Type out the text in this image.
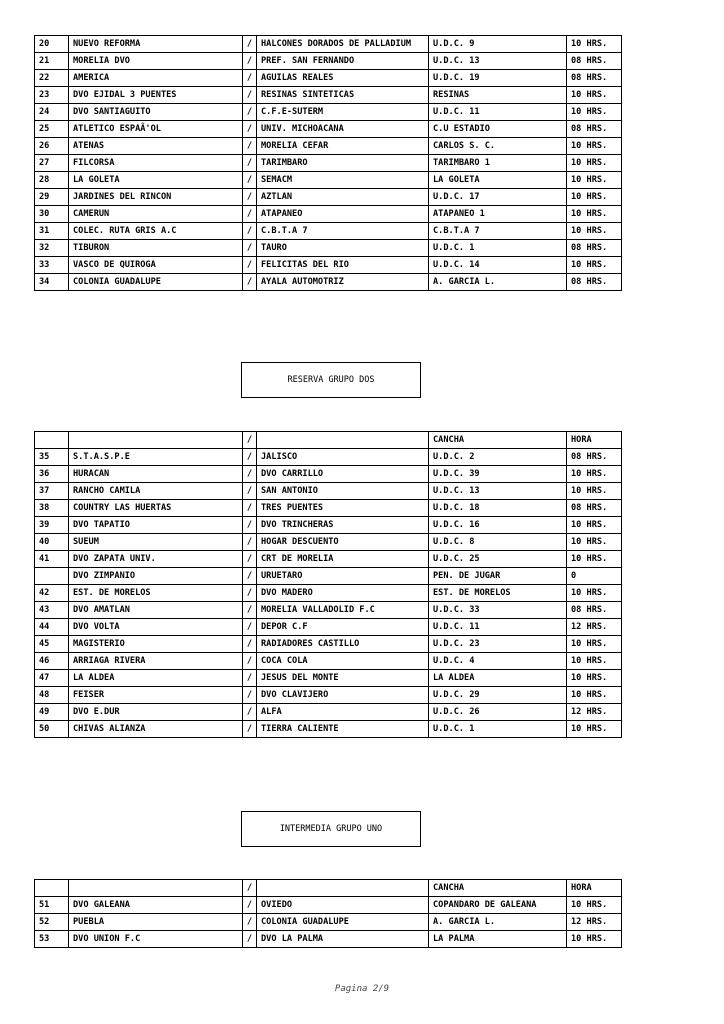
20	NUEVO REFORMA	/	HALCONES DORADOS DE PALLADIUM	U.D.C. 9	10 HRS.
21	MORELIA DVO	/	PREF. SAN FERNANDO	U.D.C. 13	08 HRS.
22	AMERICA	/	AGUILAS REALES	U.D.C. 19	08 HRS.
23	DVO EJIDAL 3 PUENTES	/	RESINAS SINTETICAS	RESINAS	10 HRS.
24	DVO SANTIAGUITO	/	C.F.E-SUTERM	U.D.C. 11	10 HRS.
25	ATLETICO ESPAÃ'OL	/	UNIV. MICHOACANA	C.U ESTADIO	08 HRS.
26	ATENAS	/	MORELIA CEFAR	CARLOS S. C.	10 HRS.
27	FILCORSA	/	TARIMBARO	TARIMBARO 1	10 HRS.
28	LA GOLETA	/	SEMACM	LA GOLETA	10 HRS.
29	JARDINES DEL RINCON	/	AZTLAN	U.D.C. 17	10 HRS.
30	CAMERUN	/	ATAPANEO	ATAPANEO 1	10 HRS.
31	COLEC. RUTA GRIS A.C	/	C.B.T.A 7	C.B.T.A 7	10 HRS.
32	TIBURON	/	TAURO	U.D.C. 1	08 HRS.
33	VASCO DE QUIROGA	/	FELICITAS DEL RIO	U.D.C. 14	10 HRS.
34	COLONIA GUADALUPE	/	AYALA AUTOMOTRIZ	A. GARCIA L.	08 HRS.
RESERVA GRUPO DOS
		/		CANCHA	HORA
35	S.T.A.S.P.E	/	JALISCO	U.D.C. 2	08 HRS.
36	HURACAN	/	DVO CARRILLO	U.D.C. 39	10 HRS.
37	RANCHO CAMILA	/	SAN ANTONIO	U.D.C. 13	10 HRS.
38	COUNTRY LAS HUERTAS	/	TRES PUENTES	U.D.C. 18	08 HRS.
39	DVO TAPATIO	/	DVO TRINCHERAS	U.D.C. 16	10 HRS.
40	SUEUM	/	HOGAR DESCUENTO	U.D.C. 8	10 HRS.
41	DVO ZAPATA UNIV.	/	CRT DE MORELIA	U.D.C. 25	10 HRS.
	DVO ZIMPANIO	/	URUETARO	PEN. DE JUGAR	0
42	EST. DE MORELOS	/	DVO MADERO	EST. DE MORELOS	10 HRS.
43	DVO AMATLAN	/	MORELIA VALLADOLID F.C	U.D.C. 33	08 HRS.
44	DVO VOLTA	/	DEPOR C.F	U.D.C. 11	12 HRS.
45	MAGISTERIO	/	RADIADORES CASTILLO	U.D.C. 23	10 HRS.
46	ARRIAGA RIVERA	/	COCA COLA	U.D.C. 4	10 HRS.
47	LA ALDEA	/	JESUS DEL MONTE	LA ALDEA	10 HRS.
48	FEISER	/	DVO CLAVIJERO	U.D.C. 29	10 HRS.
49	DVO E.DUR	/	ALFA	U.D.C. 26	12 HRS.
50	CHIVAS ALIANZA	/	TIERRA CALIENTE	U.D.C. 1	10 HRS.
INTERMEDIA GRUPO UNO
		/		CANCHA	HORA
51	DVO GALEANA	/	OVIEDO	COPANDARO DE GALEANA	10 HRS.
52	PUEBLA	/	COLONIA GUADALUPE	A. GARCIA L.	12 HRS.
53	DVO UNION F.C	/	DVO LA PALMA	LA PALMA	10 HRS.
Pagina 2/9
